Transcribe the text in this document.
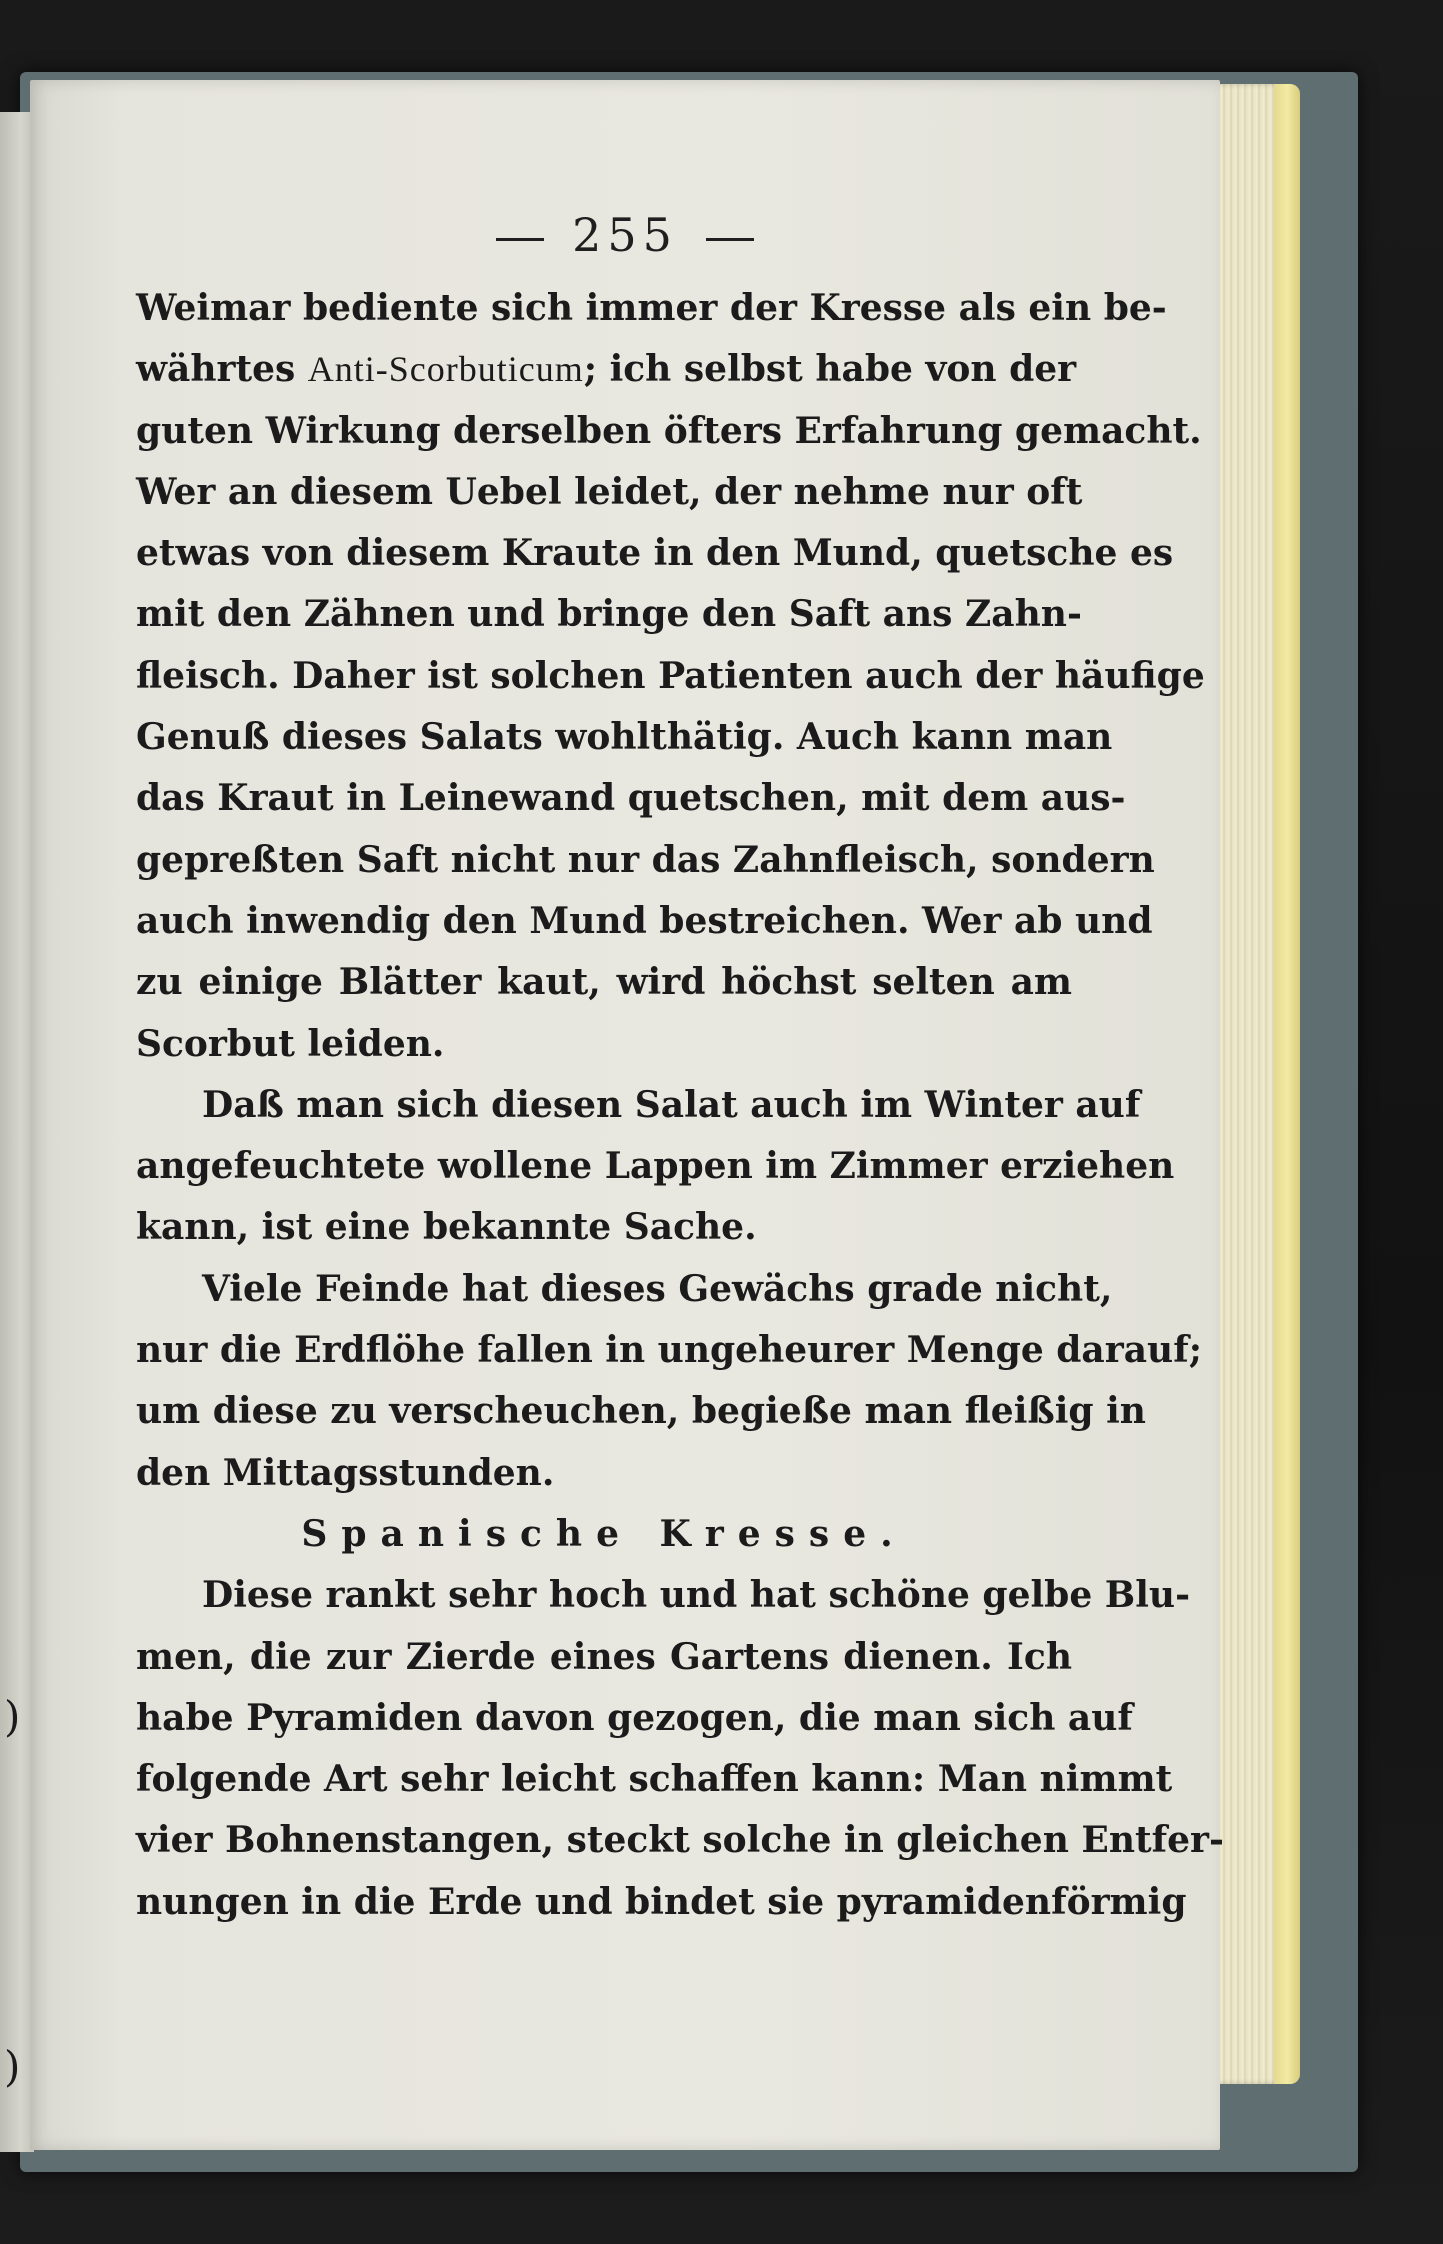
)
)
255
Weimar bediente sich immer der Kresse als ein be-
währtes Anti-Scorbuticum; ich selbst habe von der
guten Wirkung derselben öfters Erfahrung gemacht.
Wer an diesem Uebel leidet, der nehme nur oft
etwas von diesem Kraute in den Mund, quetsche es
mit den Zähnen und bringe den Saft ans Zahn-
fleisch. Daher ist solchen Patienten auch der häufige
Genuß dieses Salats wohlthätig. Auch kann man
das Kraut in Leinewand quetschen, mit dem aus-
gepreßten Saft nicht nur das Zahnfleisch, sondern
auch inwendig den Mund bestreichen. Wer ab und
zu einige Blätter kaut, wird höchst selten am
Scorbut leiden.
Daß man sich diesen Salat auch im Winter auf
angefeuchtete wollene Lappen im Zimmer erziehen
kann, ist eine bekannte Sache.
Viele Feinde hat dieses Gewächs grade nicht,
nur die Erdflöhe fallen in ungeheurer Menge darauf;
um diese zu verscheuchen, begieße man fleißig in
den Mittagsstunden.
Spanische Kresse.
Diese rankt sehr hoch und hat schöne gelbe Blu-
men, die zur Zierde eines Gartens dienen. Ich
habe Pyramiden davon gezogen, die man sich auf
folgende Art sehr leicht schaffen kann: Man nimmt
vier Bohnenstangen, steckt solche in gleichen Entfer-
nungen in die Erde und bindet sie pyramidenförmig
